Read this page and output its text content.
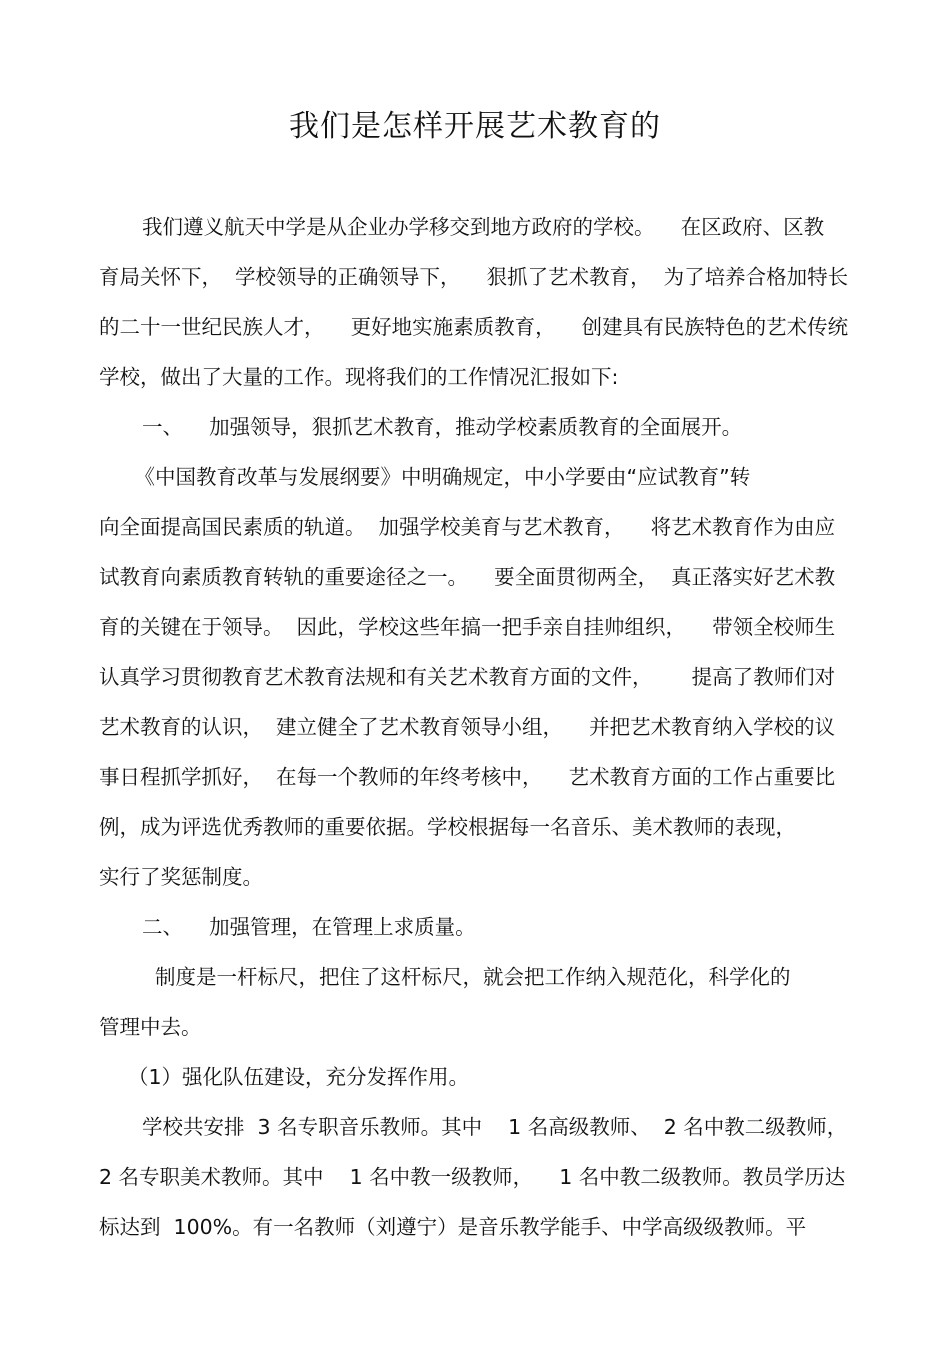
我们是怎样开展艺术教育的
我们遵义航天中学是从企业办学移交到地方政府的学校。    在区政府、区教
育局关怀下，  学校领导的正确领导下，    狠抓了艺术教育，  为了培养合格加特长
的二十一世纪民族人才，    更好地实施素质教育，    创建具有民族特色的艺术传统
学校，做出了大量的工作。现将我们的工作情况汇报如下:
一、    加强领导，狠抓艺术教育，推动学校素质教育的全面展开。
《中国教育改革与发展纲要》中明确规定，中小学要由“应试教育”转
向全面提高国民素质的轨道。  加强学校美育与艺术教育，    将艺术教育作为由应
试教育向素质教育转轨的重要途径之一。    要全面贯彻两全，  真正落实好艺术教
育的关键在于领导。  因此，学校这些年搞一把手亲自挂帅组织，    带领全校师生
认真学习贯彻教育艺术教育法规和有关艺术教育方面的文件，      提高了教师们对
艺术教育的认识，  建立健全了艺术教育领导小组，    并把艺术教育纳入学校的议
事日程抓学抓好，  在每一个教师的年终考核中，    艺术教育方面的工作占重要比
例，成为评选优秀教师的重要依据。学校根据每一名音乐、美术教师的表现，
实行了奖惩制度。
二、    加强管理，在管理上求质量。
制度是一杆标尺，把住了这杆标尺，就会把工作纳入规范化，科学化的
管理中去。
（1）强化队伍建设，充分发挥作用。
学校共安排  3 名专职音乐教师。其中    1 名高级教师、  2 名中教二级教师，
2 名专职美术教师。其中    1 名中教一级教师，    1 名中教二级教师。教员学历达
标达到  100%。有一名教师（刘遵宁）是音乐教学能手、中学高级级教师。平
